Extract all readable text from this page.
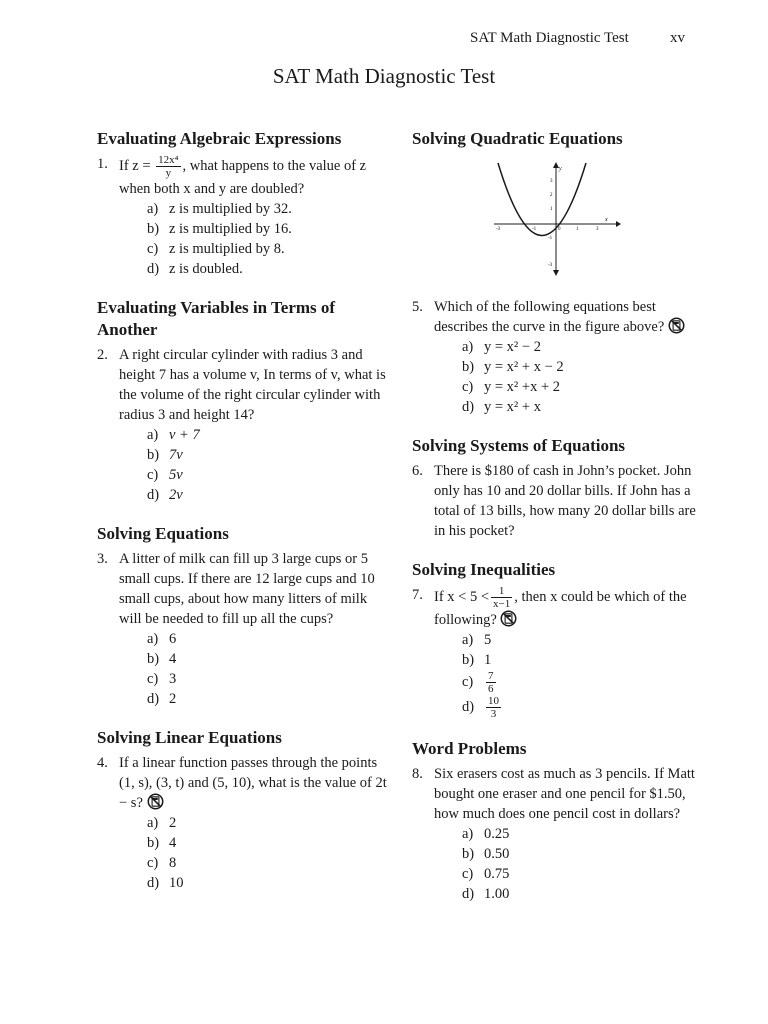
SAT Math Diagnostic Test	xv
SAT Math Diagnostic Test
Evaluating Algebraic Expressions
1. If $z = \frac{\text{12x⁴}}{y}$ , what happens to the value of z when both x and y are doubled?
a) z is multiplied by 32.
b) z is multiplied by 16.
c) z is multiplied by 8.
d) z is doubled.
Evaluating Variables in Terms of Another
2. A right circular cylinder with radius 3 and height 7 has a volume v, In terms of v, what is the volume of the right circular cylinder with radius 3 and height 14?
a) v + 7
b) 7v
c) 5v
d) 2v
Solving Equations
3. A litter of milk can fill up 3 large cups or 5 small cups. If there are 12 large cups and 10 small cups, about how many litters of milk will be needed to fill up all the cups?
a) 6
b) 4
c) 3
d) 2
Solving Linear Equations
4. If a linear function passes through the points (1, s), (3, t) and (5, 10), what is the value of 2t − s?
a) 2
b) 4
c) 8
d) 10
Solving Quadratic Equations
-3	-1	0	1	3
3
2
1
-1
-3
y
x
5. Which of the following equations best describes the curve in the figure above?
a) y = x² − 2
b) y = x² + x − 2
c) y = x² +x + 2
d) y = x² + x
Solving Systems of Equations
6. There is $180 of cash in John’s pocket. John only has 10 and 20 dollar bills. If John has a total of 13 bills, how many 20 dollar bills are in his pocket?
Solving Inequalities
7. If $x < 5 < \frac{1}{x-1}$ , then x could be which of the following?
a) 5
b) 1
$c) \frac{7}{6}$
$d) \frac{10}{3}$
Word Problems
8. Six erasers cost as much as 3 pencils. If Matt bought one eraser and one pencil for $1.50, how much does one pencil cost in dollars?
a) 0.25
b) 0.50
c) 0.75
d) 1.00
